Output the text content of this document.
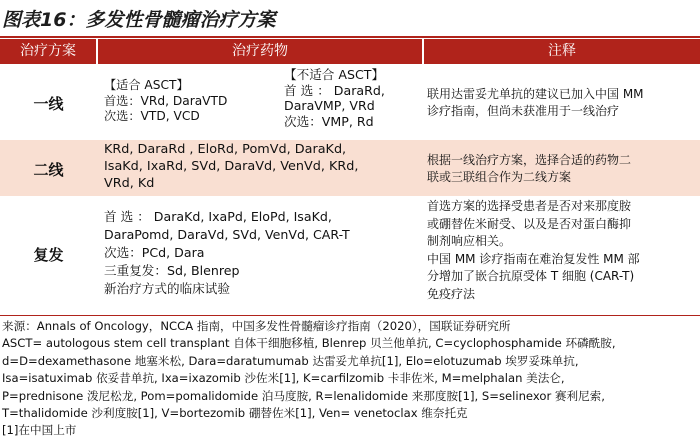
图表16：多发性骨髓瘤治疗方案
治疗方案	治疗药物	注释
一线
【适合 ASCT】
首选：VRd, DaraVTD
次选：VTD, VCD
【不适合 ASCT】
首 选 ： DaraRd,
DaraVMP, VRd
次选：VMP, Rd
联用达雷妥尤单抗的建议已加入中国 MM
诊疗指南，但尚未获准用于一线治疗
二线
KRd, DaraRd , EloRd, PomVd, DaraKd,
IsaKd, IxaRd, SVd, DaraVd, VenVd, KRd,
VRd, Kd
根据一线治疗方案，选择合适的药物二
联或三联组合作为二线方案
复发
首 选 ： DaraKd, IxaPd, EloPd, IsaKd,
DaraPomd, DaraVd, SVd, VenVd, CAR-T
次选：PCd, Dara
三重复发：Sd, Blenrep
新治疗方式的临床试验
首选方案的选择受患者是否对来那度胺
或硼替佐米耐受、以及是否对蛋白酶抑
制剂响应相关。
中国 MM 诊疗指南在难治复发性 MM 部
分增加了嵌合抗原受体 T 细胞 (CAR-T)
免疫疗法
来源：Annals of Oncology，NCCA 指南，中国多发性骨髓瘤诊疗指南（2020），国联证券研究所
ASCT= autologous stem cell transplant 自体干细胞移植, Blenrep 贝兰他单抗, C=cyclophosphamide 环磷酰胺,
d=D=dexamethasone 地塞米松, Dara=daratumumab 达雷妥尤单抗[1], Elo=elotuzumab 埃罗妥珠单抗,
Isa=isatuximab 依妥昔单抗, Ixa=ixazomib 沙佐米[1], K=carfilzomib 卡非佐米, M=melphalan 美法仑,
P=prednisone 泼尼松龙, Pom=pomalidomide 泊马度胺, R=lenalidomide 来那度胺[1], S=selinexor 赛利尼索,
T=thalidomide 沙利度胺[1], V=bortezomib 硼替佐米[1], Ven= venetoclax 维奈托克
[1]在中国上市
